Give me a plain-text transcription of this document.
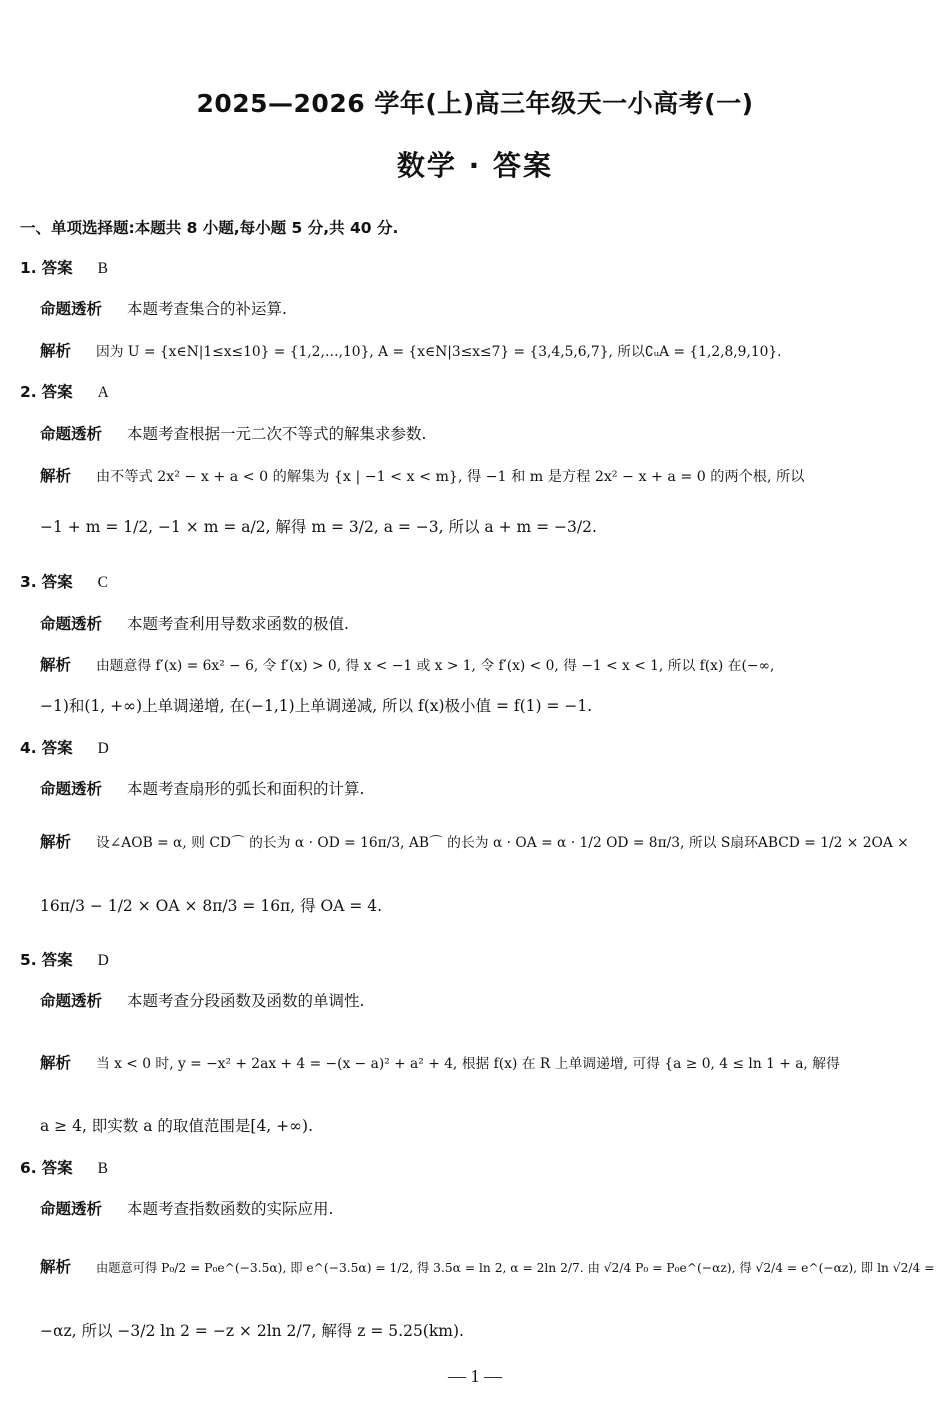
2025—2026 学年(上)高三年级天一小高考(一)
数学 · 答案
一、单项选择题:本题共 8 小题,每小题 5 分,共 40 分.
1. 答案 B
命题透析 本题考查集合的补运算.
解析 因为 U = {x∈N|1≤x≤10} = {1,2,…,10}, A = {x∈N|3≤x≤7} = {3,4,5,6,7}, 所以∁ᵤA = {1,2,8,9,10}.
2. 答案 A
命题透析 本题考查根据一元二次不等式的解集求参数.
解析 由不等式 2x² − x + a < 0 的解集为 {x | −1 < x < m}, 得 −1 和 m 是方程 2x² − x + a = 0 的两个根, 所以
−1 + m = 1/2, −1 × m = a/2, 解得 m = 3/2, a = −3, 所以 a + m = −3/2.
3. 答案 C
命题透析 本题考查利用导数求函数的极值.
解析 由题意得 f′(x) = 6x² − 6, 令 f′(x) > 0, 得 x < −1 或 x > 1, 令 f′(x) < 0, 得 −1 < x < 1, 所以 f(x) 在(−∞,
−1)和(1, +∞)上单调递增, 在(−1,1)上单调递减, 所以 f(x)极小值 = f(1) = −1.
4. 答案 D
命题透析 本题考查扇形的弧长和面积的计算.
解析 设∠AOB = α, 则 CD⌒ 的长为 α · OD = 16π/3, AB⌒ 的长为 α · OA = α · 1/2 OD = 8π/3, 所以 S扇环ABCD = 1/2 × 2OA ×
16π/3 − 1/2 × OA × 8π/3 = 16π, 得 OA = 4.
5. 答案 D
命题透析 本题考查分段函数及函数的单调性.
解析 当 x < 0 时, y = −x² + 2ax + 4 = −(x − a)² + a² + 4, 根据 f(x) 在 R 上单调递增, 可得 {a ≥ 0, 4 ≤ ln 1 + a, 解得
a ≥ 4, 即实数 a 的取值范围是[4, +∞).
6. 答案 B
命题透析 本题考查指数函数的实际应用.
解析 由题意可得 P₀/2 = P₀e^(−3.5α), 即 e^(−3.5α) = 1/2, 得 3.5α = ln 2, α = 2ln 2/7. 由 √2/4 P₀ = P₀e^(−αz), 得 √2/4 = e^(−αz), 即 ln √2/4 =
−αz, 所以 −3/2 ln 2 = −z × 2ln 2/7, 解得 z = 5.25(km).
— 1 —
